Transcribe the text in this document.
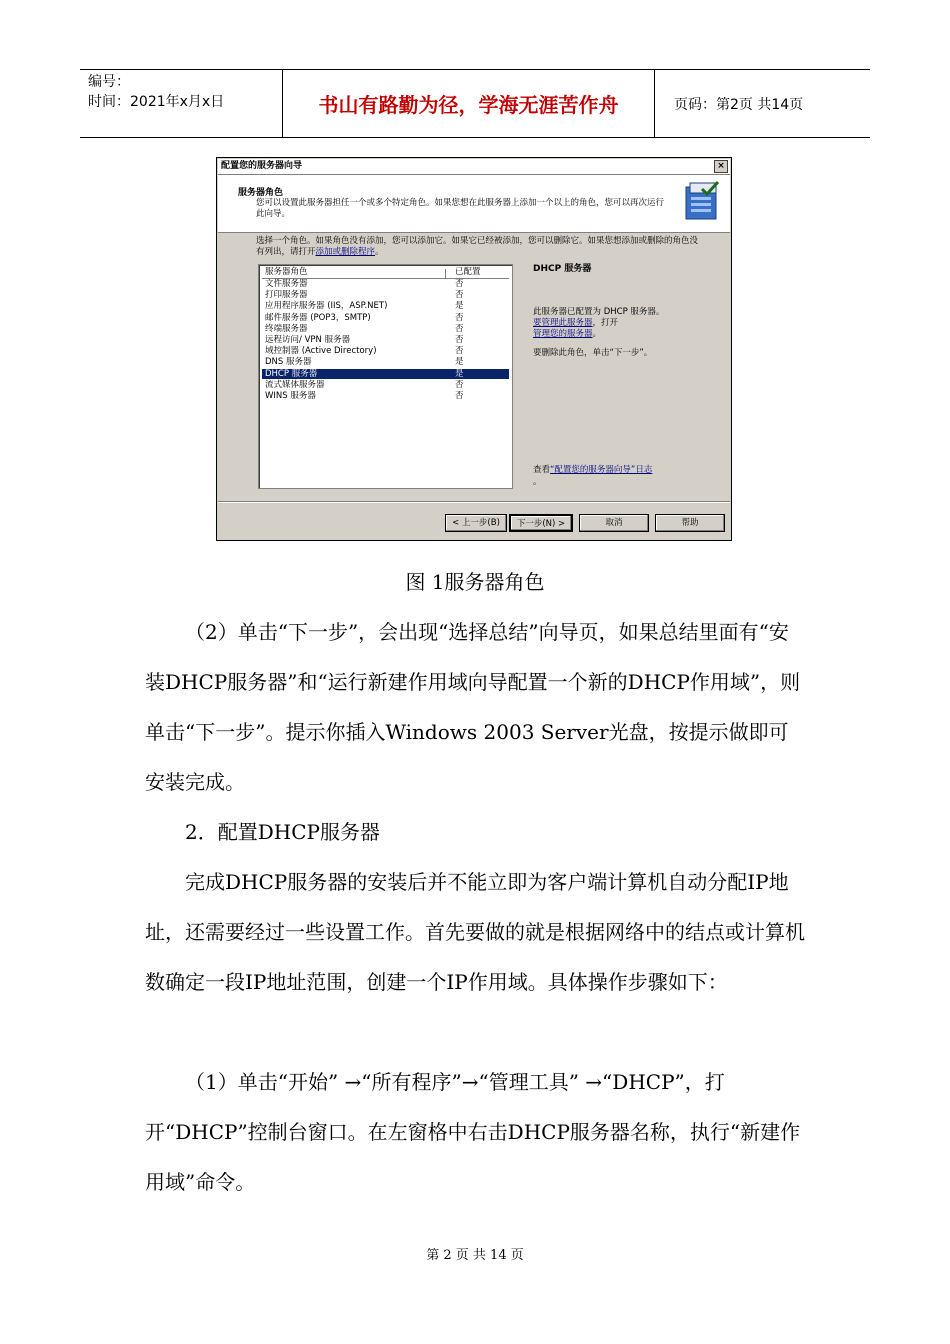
编号：
时间：2021年x月x日	书山有路勤为径，学海无涯苦作舟	页码：第2页 共14页
配置您的服务器向导	×
服务器角色
您可以设置此服务器担任一个或多个特定角色。如果您想在此服务器上添加一个以上的角色，您可以再次运行此向导。
选择一个角色。如果角色没有添加，您可以添加它。如果它已经被添加，您可以删除它。如果您想添加或删除的角色没有列出，请打开添加或删除程序。
服务器角色	已配置
文件服务器	否
打印服务器	否
应用程序服务器 (IIS，ASP.NET)	是
邮件服务器 (POP3，SMTP)	否
终端服务器	否
远程访问/ VPN 服务器	否
域控制器 (Active Directory)	否
DNS 服务器	是
DHCP 服务器	是
流式媒体服务器	否
WINS 服务器	否
DHCP 服务器
此服务器已配置为 DHCP 服务器。
要管理此服务器，打开
管理您的服务器。
要删除此角色，单击“下一步”。
查看“配置您的服务器向导”日志
。
< 上一步(B)	下一步(N) >	取消	帮助
图 1服务器角色
（2）单击“下一步”，会出现“选择总结”向导页，如果总结里面有“安装DHCP服务器”和“运行新建作用域向导配置一个新的DHCP作用域”，则单击“下一步”。提示你插入Windows 2003 Server光盘，按提示做即可安装完成。
2．配置DHCP服务器
完成DHCP服务器的安装后并不能立即为客户端计算机自动分配IP地址，还需要经过一些设置工作。首先要做的就是根据网络中的结点或计算机数确定一段IP地址范围，创建一个IP作用域。具体操作步骤如下：
（1）单击“开始” →“所有程序”→“管理工具” →“DHCP”，打开“DHCP”控制台窗口。在左窗格中右击DHCP服务器名称，执行“新建作用域”命令。
第 2 页 共 14 页
